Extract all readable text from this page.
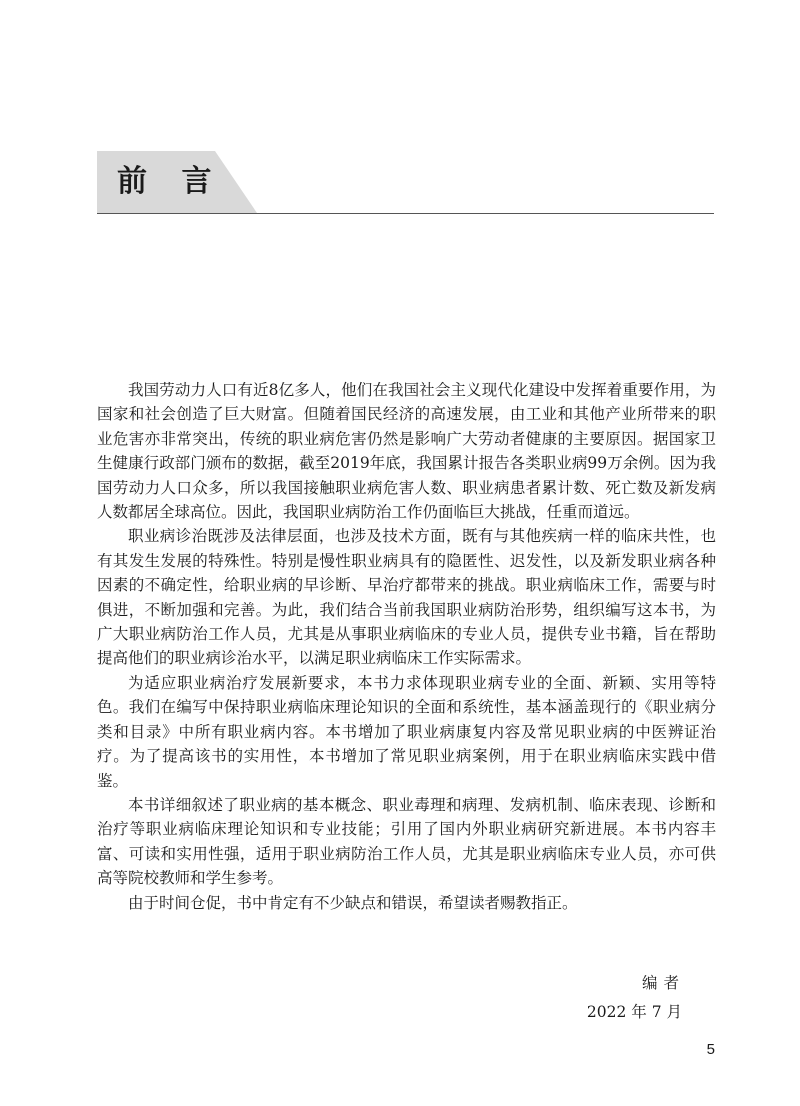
前 言

我国劳动力人口有近8亿多人，他们在我国社会主义现代化建设中发挥着重要作用，为国家和社会创造了巨大财富。但随着国民经济的高速发展，由工业和其他产业所带来的职业危害亦非常突出，传统的职业病危害仍然是影响广大劳动者健康的主要原因。据国家卫生健康行政部门颁布的数据，截至2019年底，我国累计报告各类职业病99万余例。因为我国劳动力人口众多，所以我国接触职业病危害人数、职业病患者累计数、死亡数及新发病人数都居全球高位。因此，我国职业病防治工作仍面临巨大挑战，任重而道远。

职业病诊治既涉及法律层面，也涉及技术方面，既有与其他疾病一样的临床共性，也有其发生发展的特殊性。特别是慢性职业病具有的隐匿性、迟发性，以及新发职业病各种因素的不确定性，给职业病的早诊断、早治疗都带来的挑战。职业病临床工作，需要与时俱进，不断加强和完善。为此，我们结合当前我国职业病防治形势，组织编写这本书，为广大职业病防治工作人员，尤其是从事职业病临床的专业人员，提供专业书籍，旨在帮助提高他们的职业病诊治水平，以满足职业病临床工作实际需求。

为适应职业病治疗发展新要求，本书力求体现职业病专业的全面、新颖、实用等特色。我们在编写中保持职业病临床理论知识的全面和系统性，基本涵盖现行的《职业病分类和目录》中所有职业病内容。本书增加了职业病康复内容及常见职业病的中医辨证治疗。为了提高该书的实用性，本书增加了常见职业病案例，用于在职业病临床实践中借鉴。

本书详细叙述了职业病的基本概念、职业毒理和病理、发病机制、临床表现、诊断和治疗等职业病临床理论知识和专业技能；引用了国内外职业病研究新进展。本书内容丰富、可读和实用性强，适用于职业病防治工作人员，尤其是职业病临床专业人员，亦可供高等院校教师和学生参考。

由于时间仓促，书中肯定有不少缺点和错误，希望读者赐教指正。

编者
2022 年 7 月
5
